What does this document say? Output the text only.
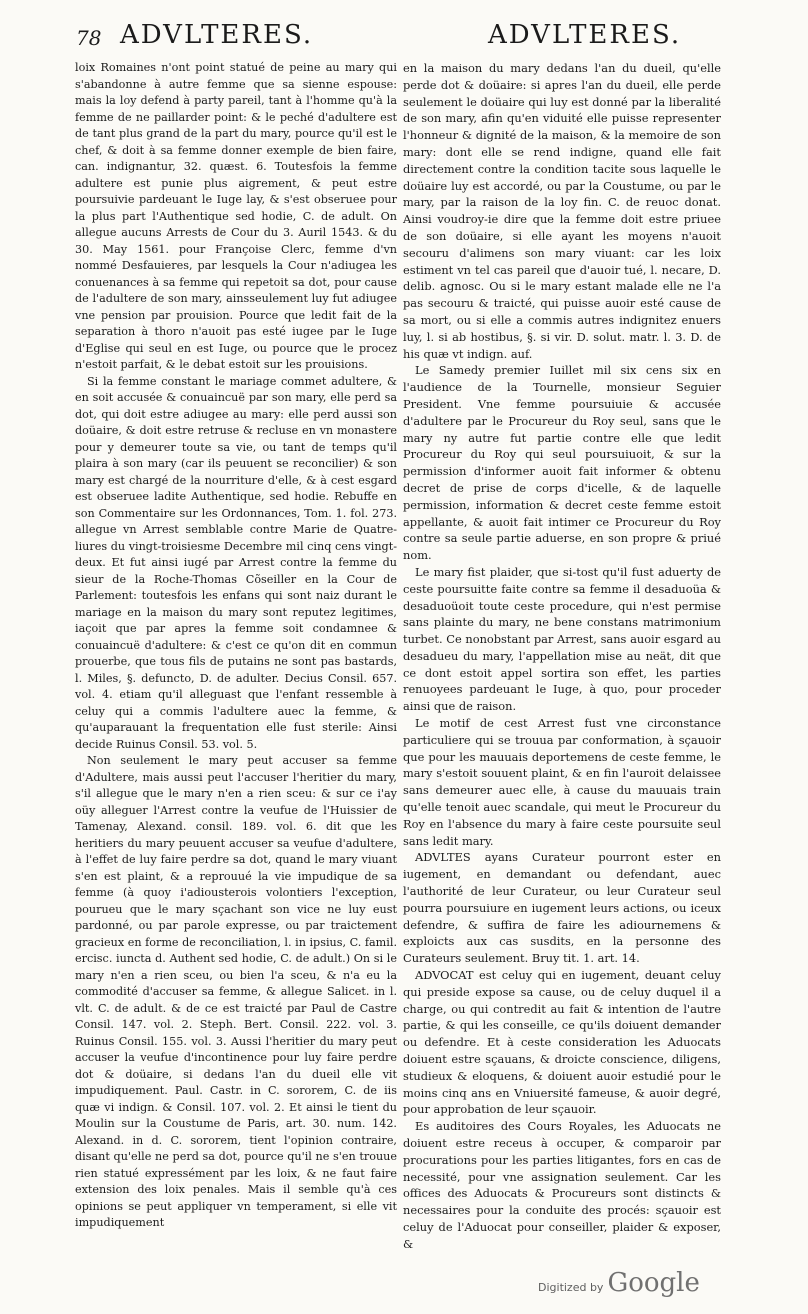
78 ADVLTERES.	ADVLTERES.

loix Romaines n'ont point statué de peine au mary qui s'abandonne à autre femme que sa sienne espouse: mais la loy defend à party pareil, tant à l'homme qu'à la femme de ne paillarder point: & le peché d'adultere est de tant plus grand de la part du mary, pource qu'il est le chef, & doit à sa femme donner exemple de bien faire, can. indignantur, 32. quæst. 6. Toutesfois la femme adultere est punie plus aigrement, & peut estre poursuivie pardeuant le Iuge lay, & s'est obseruee pour la plus part l'Authentique sed hodie, C. de adult. On allegue aucuns Arrests de Cour du 3. Auril 1543. & du 30. May 1561. pour Françoise Clerc, femme d'vn nommé Desfauieres, par lesquels la Cour n'adiugea les conuenances à sa femme qui repetoit sa dot, pour cause de l'adultere de son mary, ainsseulement luy fut adiugee vne pension par prouision. Pource que ledit fait de la separation à thoro n'auoit pas esté iugee par le Iuge d'Eglise qui seul en est Iuge, ou pource que le procez n'estoit parfait, & le debat estoit sur les prouisions.

Si la femme constant le mariage commet adultere, & en soit accusée & conuaincuë par son mary, elle perd sa dot, qui doit estre adiugee au mary: elle perd aussi son doüaire, & doit estre retruse & recluse en vn monastere pour y demeurer toute sa vie, ou tant de temps qu'il plaira à son mary (car ils peuuent se reconcilier) & son mary est chargé de la nourriture d'elle, & à cest esgard est obseruee ladite Authentique, sed hodie. Rebuffe en son Commentaire sur les Ordonnances, Tom. 1. fol. 273. allegue vn Arrest semblable contre Marie de Quatre-liures du vingt-troisiesme Decembre mil cinq cens vingt-deux. Et fut ainsi iugé par Arrest contre la femme du sieur de la Roche-Thomas Cõseiller en la Cour de Parlement: toutesfois les enfans qui sont naiz durant le mariage en la maison du mary sont reputez legitimes, iaçoit que par apres la femme soit condamnee & conuaincuë d'adultere: & c'est ce qu'on dit en commun prouerbe, que tous fils de putains ne sont pas bastards, l. Miles, §. defuncto, D. de adulter. Decius Consil. 657. vol. 4. etiam qu'il alleguast que l'enfant ressemble à celuy qui a commis l'adultere auec la femme, & qu'auparauant la frequentation elle fust sterile: Ainsi decide Ruinus Consil. 53. vol. 5.

Non seulement le mary peut accuser sa femme d'Adultere, mais aussi peut l'accuser l'heritier du mary, s'il allegue que le mary n'en a rien sceu: & sur ce i'ay oüy alleguer l'Arrest contre la veufue de l'Huissier de Tamenay, Alexand. consil. 189. vol. 6. dit que les heritiers du mary peuuent accuser sa veufue d'adultere, à l'effet de luy faire perdre sa dot, quand le mary viuant s'en est plaint, & a reprouué la vie impudique de sa femme (à quoy i'adiousterois volontiers l'exception, pourueu que le mary sçachant son vice ne luy eust pardonné, ou par parole expresse, ou par traictement gracieux en forme de reconciliation, l. in ipsius, C. famil. ercisc. iuncta d. Authent sed hodie, C. de adult.) On si le mary n'en a rien sceu, ou bien l'a sceu, & n'a eu la commodité d'accuser sa femme, & allegue Salicet. in l. vlt. C. de adult. & de ce est traicté par Paul de Castre Consil. 147. vol. 2. Steph. Bert. Consil. 222. vol. 3. Ruinus Consil. 155. vol. 3. Aussi l'heritier du mary peut accuser la veufue d'incontinence pour luy faire perdre dot & doüaire, si dedans l'an du dueil elle vit impudiquement. Paul. Castr. in C. sororem, C. de iis quæ vi indign. & Consil. 107. vol. 2. Et ainsi le tient du Moulin sur la Coustume de Paris, art. 30. num. 142. Alexand. in d. C. sororem, tient l'opinion contraire, disant qu'elle ne perd sa dot, pource qu'il ne s'en trouue rien statué expressément par les loix, & ne faut faire extension des loix penales. Mais il semble qu'à ces opinions se peut appliquer vn temperament, si elle vit impudiquement

en la maison du mary dedans l'an du dueil, qu'elle perde dot & doüaire: si apres l'an du dueil, elle perde seulement le doüaire qui luy est donné par la liberalité de son mary, afin qu'en viduité elle puisse representer l'honneur & dignité de la maison, & la memoire de son mary: dont elle se rend indigne, quand elle fait directement contre la condition tacite sous laquelle le doüaire luy est accordé, ou par la Coustume, ou par le mary, par la raison de la loy fin. C. de reuoc donat. Ainsi voudroy-ie dire que la femme doit estre priuee de son doüaire, si elle ayant les moyens n'auoit secouru d'alimens son mary viuant: car les loix estiment vn tel cas pareil que d'auoir tué, l. necare, D. delib. agnosc. Ou si le mary estant malade elle ne l'a pas secouru & traicté, qui puisse auoir esté cause de sa mort, ou si elle a commis autres indignitez enuers luy, l. si ab hostibus, §. si vir. D. solut. matr. l. 3. D. de his quæ vt indign. auf.

Le Samedy premier Iuillet mil six cens six en l'audience de la Tournelle, monsieur Seguier President. Vne femme poursuiuie & accusée d'adultere par le Procureur du Roy seul, sans que le mary ny autre fut partie contre elle que ledit Procureur du Roy qui seul poursuiuoit, & sur la permission d'informer auoit fait informer & obtenu decret de prise de corps d'icelle, & de laquelle permission, information & decret ceste femme estoit appellante, & auoit fait intimer ce Procureur du Roy contre sa seule partie aduerse, en son propre & priué nom.

Le mary fist plaider, que si-tost qu'il fust aduerty de ceste poursuitte faite contre sa femme il desaduoüa & desaduoüoit toute ceste procedure, qui n'est permise sans plainte du mary, ne bene constans matrimonium turbet. Ce nonobstant par Arrest, sans auoir esgard au desadueu du mary, l'appellation mise au neät, dit que ce dont estoit appel sortira son effet, les parties renuoyees pardeuant le Iuge, à quo, pour proceder ainsi que de raison.

Le motif de cest Arrest fust vne circonstance particuliere qui se trouua par conformation, à sçauoir que pour les mauuais deportemens de ceste femme, le mary s'estoit souuent plaint, & en fin l'auroit delaissee sans demeurer auec elle, à cause du mauuais train qu'elle tenoit auec scandale, qui meut le Procureur du Roy en l'absence du mary à faire ceste poursuite seul sans ledit mary.

ADVLTES ayans Curateur pourront ester en iugement, en demandant ou defendant, auec l'authorité de leur Curateur, ou leur Curateur seul pourra poursuiure en iugement leurs actions, ou iceux defendre, & suffira de faire les adiournemens & exploicts aux cas susdits, en la personne des Curateurs seulement. Bruy tit. 1. art. 14.

ADVOCAT est celuy qui en iugement, deuant celuy qui preside expose sa cause, ou de celuy duquel il a charge, ou qui contredit au fait & intention de l'autre partie, & qui les conseille, ce qu'ils doiuent demander ou defendre. Et à ceste consideration les Aduocats doiuent estre sçauans, & droicte conscience, diligens, studieux & eloquens, & doiuent auoir estudié pour le moins cinq ans en Vniuersité fameuse, & auoir degré, pour approbation de leur sçauoir.

Es auditoires des Cours Royales, les Aduocats ne doiuent estre receus à occuper, & comparoir par procurations pour les parties litigantes, fors en cas de necessité, pour vne assignation seulement. Car les offices des Aduocats & Procureurs sont distincts & necessaires pour la conduite des procés: sçauoir est celuy de l'Aduocat pour conseiller, plaider & exposer, &

Digitized by Google
